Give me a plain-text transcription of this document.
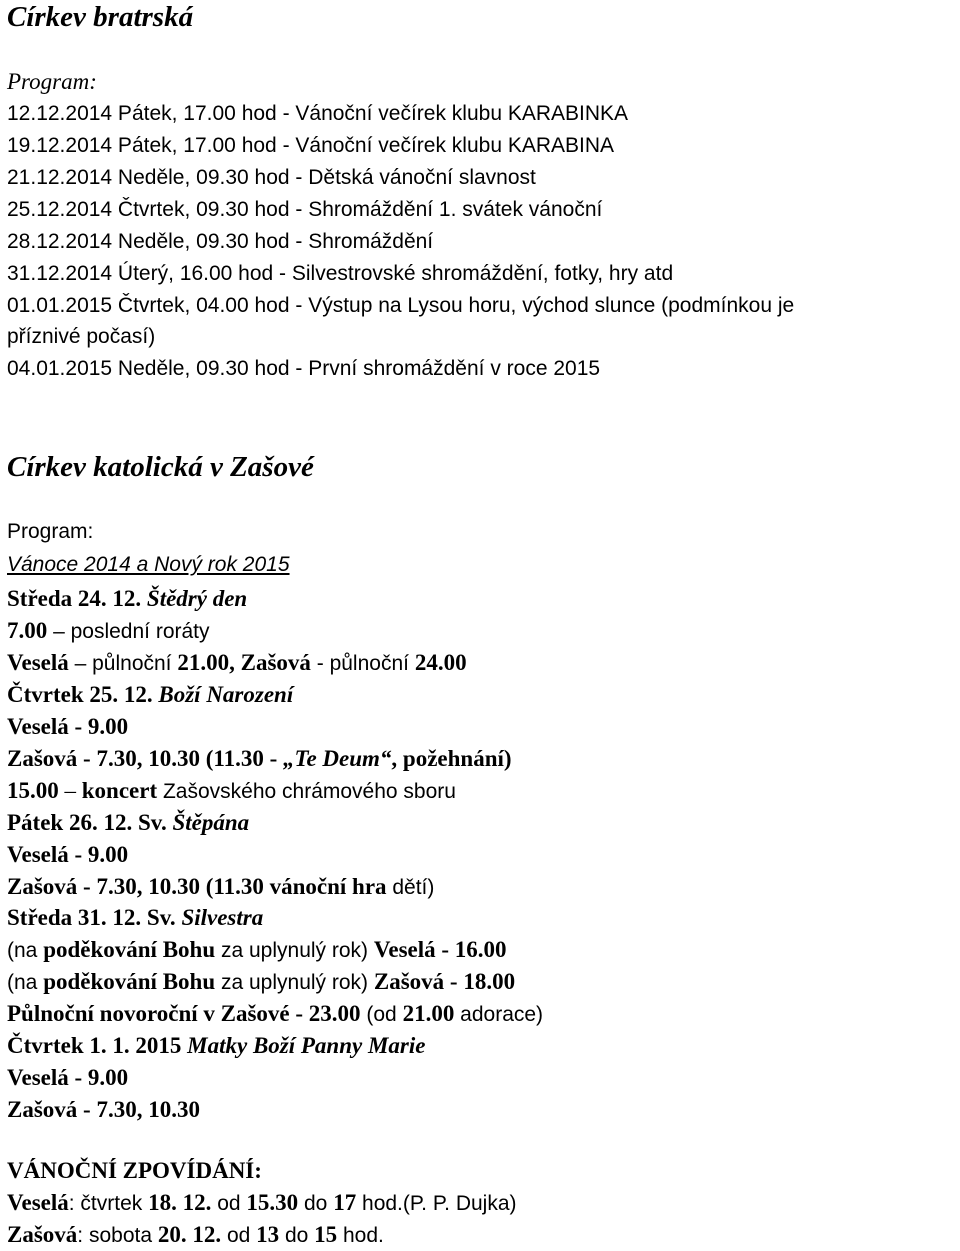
Církev bratrská
Program:
12.12.2014 Pátek, 17.00 hod - Vánoční večírek klubu KARABINKA
19.12.2014 Pátek, 17.00 hod - Vánoční večírek klubu KARABINA
21.12.2014 Neděle, 09.30 hod - Dětská vánoční slavnost
25.12.2014 Čtvrtek, 09.30 hod - Shromáždění 1. svátek vánoční
28.12.2014 Neděle, 09.30 hod - Shromáždění
31.12.2014 Úterý, 16.00 hod - Silvestrovské shromáždění, fotky, hry atd
01.01.2015 Čtvrtek, 04.00 hod - Výstup na Lysou horu, východ slunce (podmínkou je
příznivé počasí)
04.01.2015 Neděle, 09.30 hod - První shromáždění v roce 2015
Církev katolická v Zašové
Program:
Vánoce 2014 a Nový rok 2015
Středa 24. 12. Štědrý den
7.00 – poslední roráty
Veselá – půlnoční 21.00, Zašová - půlnoční 24.00
Čtvrtek 25. 12. Boží Narození
Veselá - 9.00
Zašová - 7.30, 10.30 (11.30 - „Te Deum“, požehnání)
15.00 – koncert Zašovského chrámového sboru
Pátek 26. 12. Sv. Štěpána
Veselá - 9.00
Zašová - 7.30, 10.30 (11.30 vánoční hra dětí)
Středa 31. 12. Sv. Silvestra
(na poděkování Bohu za uplynulý rok) Veselá - 16.00
(na poděkování Bohu za uplynulý rok) Zašová - 18.00
Půlnoční novoroční v Zašové - 23.00 (od 21.00 adorace)
Čtvrtek 1. 1. 2015 Matky Boží Panny Marie
Veselá - 9.00
Zašová - 7.30, 10.30
VÁNOČNÍ ZPOVÍDÁNÍ:
Veselá: čtvrtek 18. 12. od 15.30 do 17 hod.(P. P. Dujka)
Zašová: sobota 20. 12. od 13 do 15 hod.
